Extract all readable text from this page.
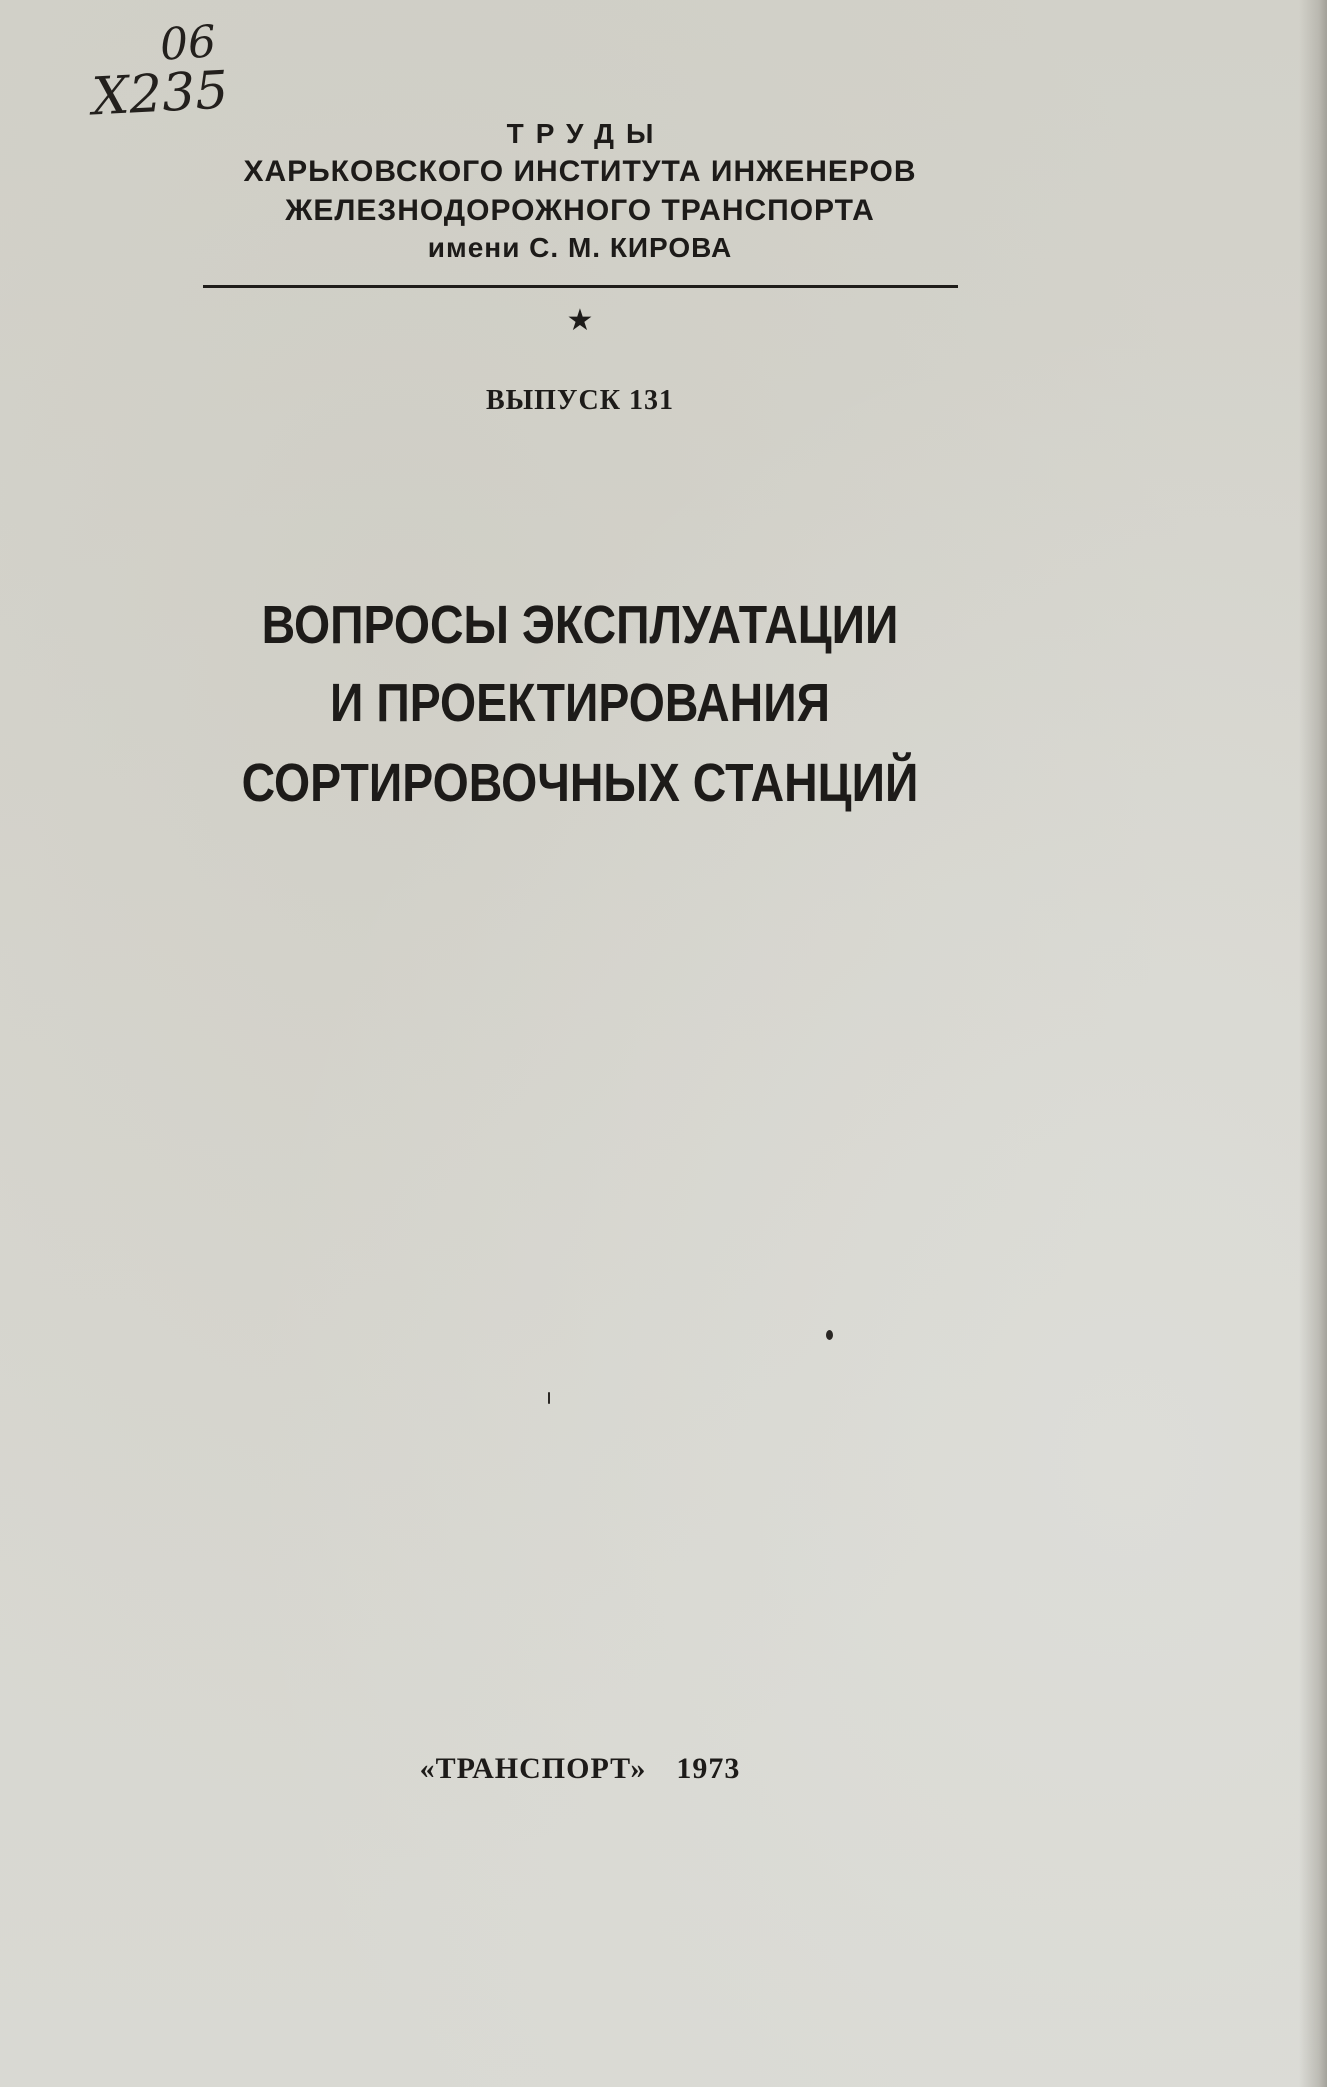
06
Х235
ТРУДЫ
ХАРЬКОВСКОГО ИНСТИТУТА ИНЖЕНЕРОВ
ЖЕЛЕЗНОДОРОЖНОГО ТРАНСПОРТА
имени С. М. КИРОВА
★
ВЫПУСК 131
ВОПРОСЫ ЭКСПЛУАТАЦИИ
И ПРОЕКТИРОВАНИЯ
СОРТИРОВОЧНЫХ СТАНЦИЙ
«ТРАНСПОРТ» 1973
